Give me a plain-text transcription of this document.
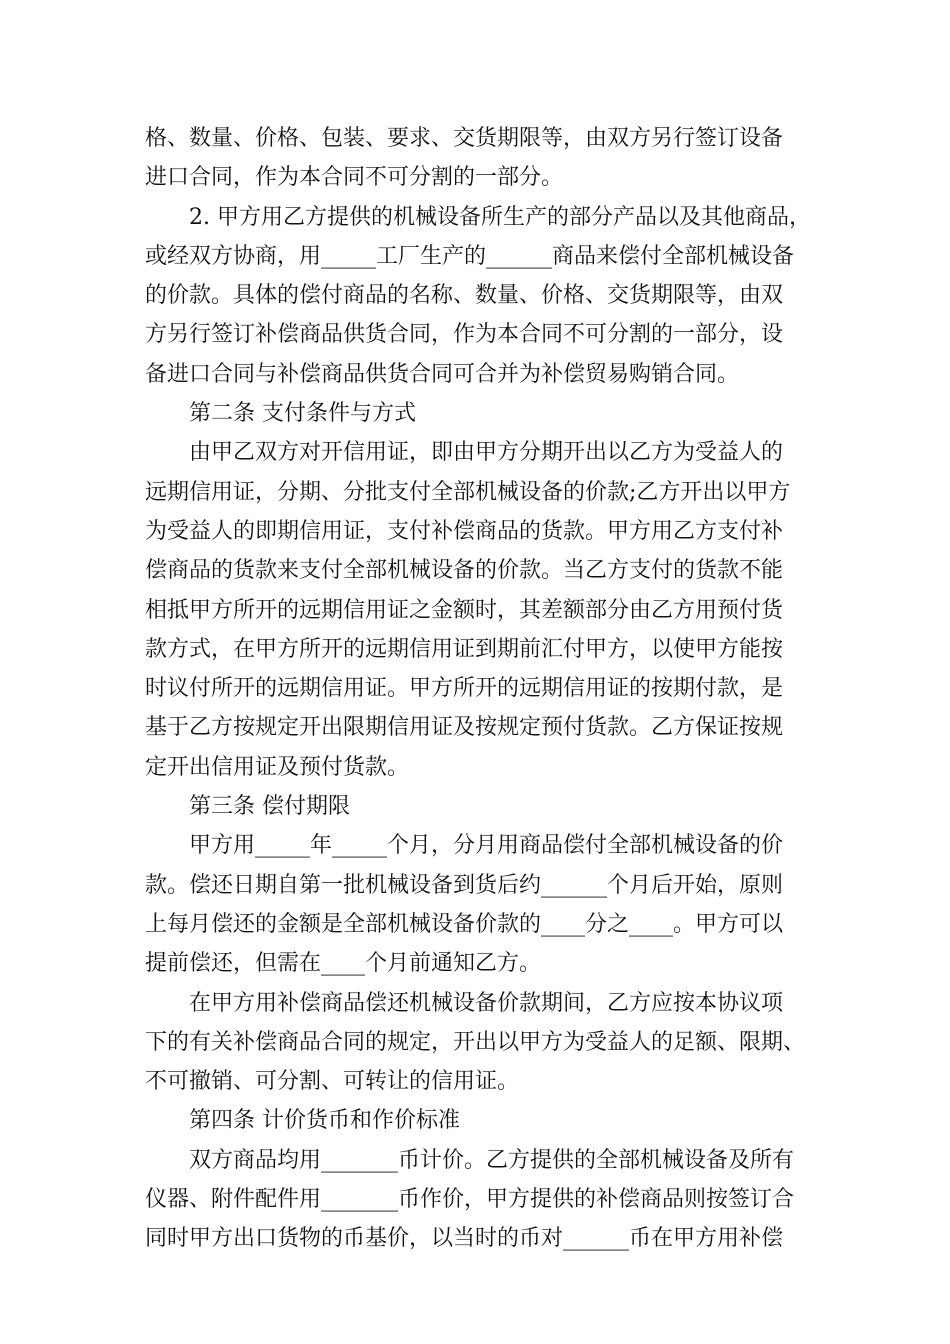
格、数量、价格、包装、要求、交货期限等，由双方另行签订设备
进口合同，作为本合同不可分割的一部分。
2. 甲方用乙方提供的机械设备所生产的部分产品以及其他商品，
或经双方协商，用_____工厂生产的______商品来偿付全部机械设备
的价款。具体的偿付商品的名称、数量、价格、交货期限等，由双
方另行签订补偿商品供货合同，作为本合同不可分割的一部分，设
备进口合同与补偿商品供货合同可合并为补偿贸易购销合同。
第二条 支付条件与方式
由甲乙双方对开信用证，即由甲方分期开出以乙方为受益人的
远期信用证，分期、分批支付全部机械设备的价款;乙方开出以甲方
为受益人的即期信用证，支付补偿商品的货款。甲方用乙方支付补
偿商品的货款来支付全部机械设备的价款。当乙方支付的货款不能
相抵甲方所开的远期信用证之金额时，其差额部分由乙方用预付货
款方式，在甲方所开的远期信用证到期前汇付甲方，以使甲方能按
时议付所开的远期信用证。甲方所开的远期信用证的按期付款，是
基于乙方按规定开出限期信用证及按规定预付货款。乙方保证按规
定开出信用证及预付货款。
第三条 偿付期限
甲方用_____年_____个月，分月用商品偿付全部机械设备的价
款。偿还日期自第一批机械设备到货后约______个月后开始，原则
上每月偿还的金额是全部机械设备价款的____分之____。甲方可以
提前偿还，但需在____个月前通知乙方。
在甲方用补偿商品偿还机械设备价款期间，乙方应按本协议项
下的有关补偿商品合同的规定，开出以甲方为受益人的足额、限期、
不可撤销、可分割、可转让的信用证。
第四条 计价货币和作价标准
双方商品均用_______币计价。乙方提供的全部机械设备及所有
仪器、附件配件用_______币作价，甲方提供的补偿商品则按签订合
同时甲方出口货物的币基价，以当时的币对______币在甲方用补偿
